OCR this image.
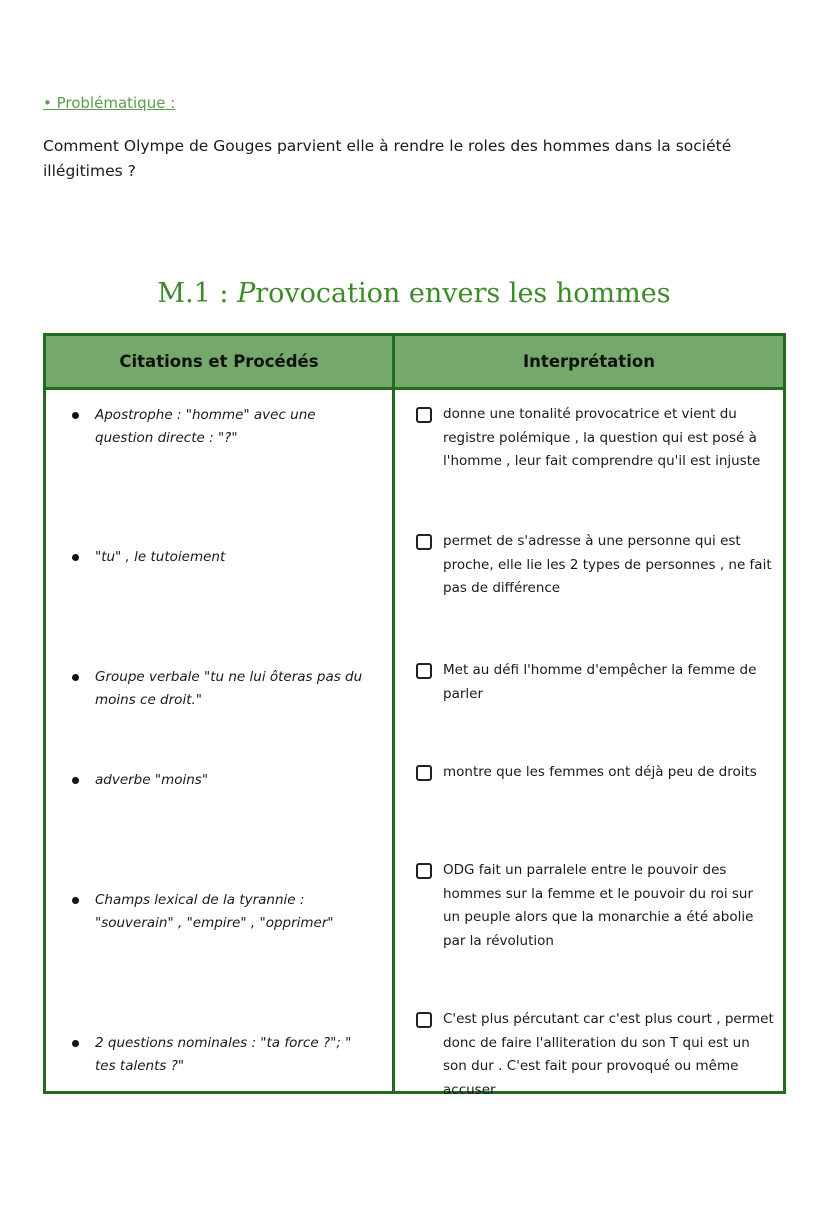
• Problématique :
Comment Olympe de Gouges parvient elle à rendre le roles des hommes dans la société illégitimes ?
M.1 : Provocation envers les hommes
Citations et Procédés	Interprétation
Apostrophe : "homme" avec une question directe : "?"
donne une tonalité provocatrice et vient du registre polémique , la question qui est posé à l'homme , leur fait comprendre qu'il est injuste
"tu" , le tutoiement
permet de s'adresse à une personne qui est proche, elle lie les 2 types de personnes , ne fait pas de différence
Groupe verbale "tu ne lui ôteras pas du moins ce droit."
Met au défi l'homme d'empêcher la femme de parler
adverbe "moins"	montre que les femmes ont déjà peu de droits
Champs lexical de la tyrannie : "souverain" , "empire" , "opprimer"
ODG fait un parralele entre le pouvoir des hommes sur la femme et le pouvoir du roi sur un peuple alors que la monarchie a été abolie par la révolution
2 questions nominales : "ta force ?"; " tes talents ?"
C'est plus pércutant car c'est plus court , permet donc de faire l'alliteration du son T qui est un son dur . C'est fait pour provoqué ou même accuser
